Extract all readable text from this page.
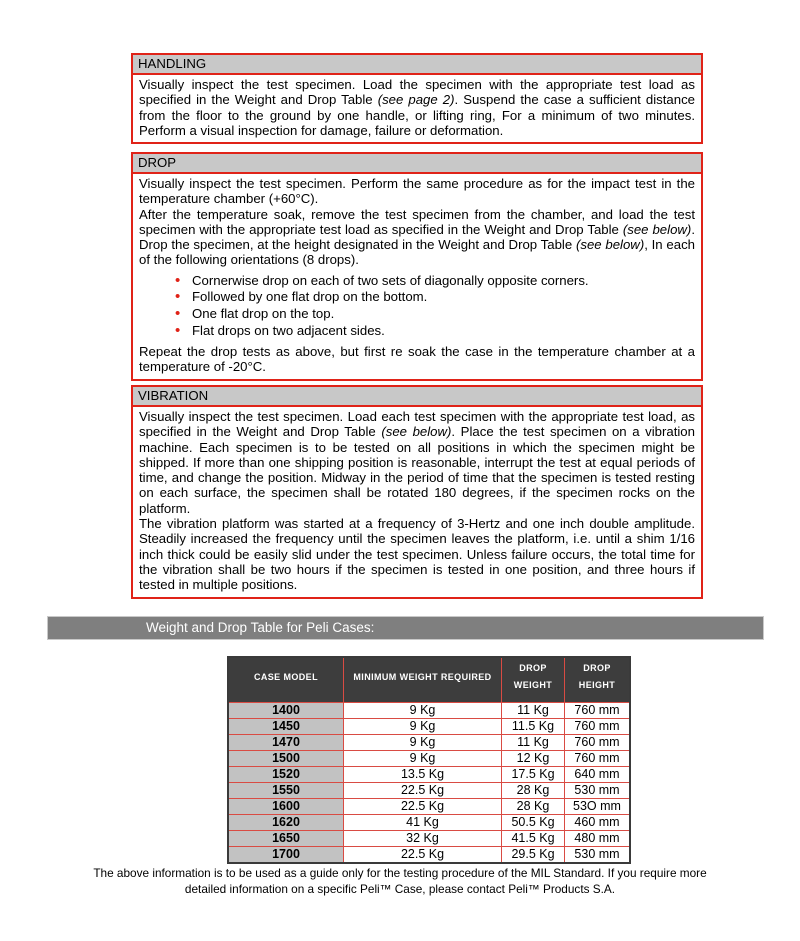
HANDLING

Visually inspect the test specimen. Load the specimen with the appropriate test load as specified in the Weight and Drop Table (see page 2). Suspend the case a sufficient distance from the floor to the ground by one handle, or lifting ring, For a minimum of two minutes. Perform a visual inspection for damage, failure or deformation.

DROP

Visually inspect the test specimen. Perform the same procedure as for the impact test in the temperature chamber (+60°C).

After the temperature soak, remove the test specimen from the chamber, and load the test specimen with the appropriate test load as specified in the Weight and Drop Table (see below). Drop the specimen, at the height designated in the Weight and Drop Table (see below), In each of the following orientations (8 drops).

• Cornerwise drop on each of two sets of diagonally opposite corners.
• Followed by one flat drop on the bottom.
• One flat drop on the top.
• Flat drops on two adjacent sides.

Repeat the drop tests as above, but first re soak the case in the temperature chamber at a temperature of -20°C.

VIBRATION

Visually inspect the test specimen. Load each test specimen with the appropriate test load, as specified in the Weight and Drop Table (see below). Place the test specimen on a vibration machine. Each specimen is to be tested on all positions in which the specimen might be shipped. If more than one shipping position is reasonable, interrupt the test at equal periods of time, and change the position. Midway in the period of time that the specimen is tested resting on each surface, the specimen shall be rotated 180 degrees, if the specimen rocks on the platform.

The vibration platform was started at a frequency of 3-Hertz and one inch double amplitude. Steadily increased the frequency until the specimen leaves the platform, i.e. until a shim 1/16 inch thick could be easily slid under the test specimen. Unless failure occurs, the total time for the vibration shall be two hours if the specimen is tested in one position, and three hours if tested in multiple positions.

Weight and Drop Table for Peli Cases:
CASE MODEL	MINIMUM WEIGHT REQUIRED	DROP WEIGHT	DROP HEIGHT
1400	9 Kg	11 Kg	760 mm
1450	9 Kg	11.5 Kg	760 mm
1470	9 Kg	11 Kg	760 mm
1500	9 Kg	12 Kg	760 mm
1520	13.5 Kg	17.5 Kg	640 mm
1550	22.5 Kg	28 Kg	530 mm
1600	22.5 Kg	28 Kg	53O mm
1620	41 Kg	50.5 Kg	460 mm
1650	32 Kg	41.5 Kg	480 mm
1700	22.5 Kg	29.5 Kg	530 mm
The above information is to be used as a guide only for the testing procedure of the MIL Standard. If you require more
detailed information on a specific Peli™ Case, please contact Peli™ Products S.A.
